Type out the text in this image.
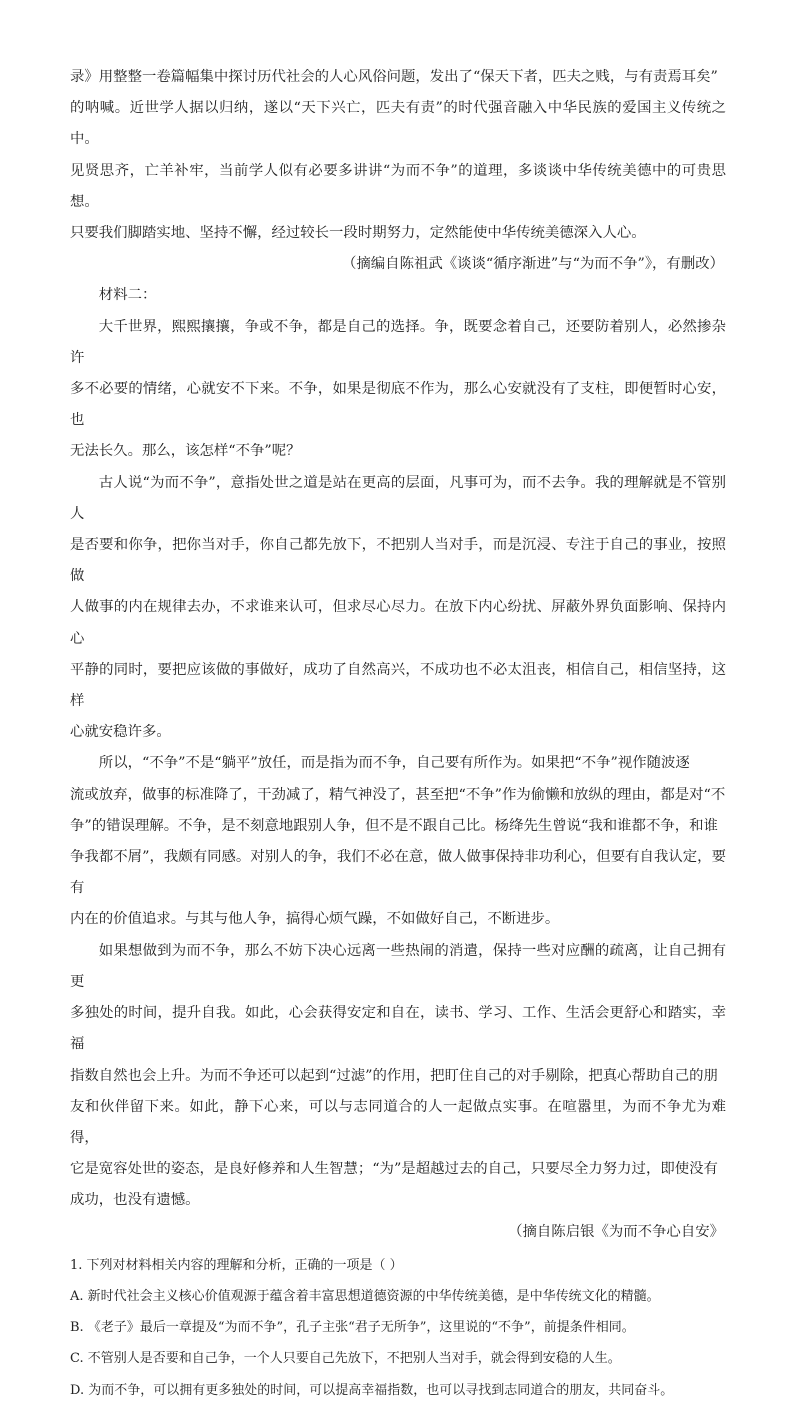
录》用整整一卷篇幅集中探讨历代社会的人心风俗问题，发出了“保天下者，匹夫之贱，与有责焉耳矣”

的呐喊。近世学人据以归纳，遂以“天下兴亡，匹夫有责”的时代强音融入中华民族的爱国主义传统之中。

见贤思齐，亡羊补牢，当前学人似有必要多讲讲“为而不争”的道理，多谈谈中华传统美德中的可贵思想。

只要我们脚踏实地、坚持不懈，经过较长一段时期努力，定然能使中华传统美德深入人心。

（摘编自陈祖武《谈谈“循序渐进”与“为而不争”》，有删改）

材料二：

大千世界，熙熙攘攘，争或不争，都是自己的选择。争，既要念着自己，还要防着别人，必然掺杂许

多不必要的情绪，心就安不下来。不争，如果是彻底不作为，那么心安就没有了支柱，即便暂时心安，也

无法长久。那么，该怎样“不争”呢？

古人说“为而不争”，意指处世之道是站在更高的层面，凡事可为，而不去争。我的理解就是不管别人

是否要和你争，把你当对手，你自己都先放下，不把别人当对手，而是沉浸、专注于自己的事业，按照做

人做事的内在规律去办，不求谁来认可，但求尽心尽力。在放下内心纷扰、屏蔽外界负面影响、保持内心

平静的同时，要把应该做的事做好，成功了自然高兴，不成功也不必太沮丧，相信自己，相信坚持，这样

心就安稳许多。

所以，“不争”不是“躺平”放任，而是指为而不争，自己要有所作为。如果把“不争”视作随波逐

流或放弃，做事的标准降了，干劲减了，精气神没了，甚至把“不争”作为偷懒和放纵的理由，都是对“不

争”的错误理解。不争，是不刻意地跟别人争，但不是不跟自己比。杨绛先生曾说“我和谁都不争，和谁

争我都不屑”，我颇有同感。对别人的争，我们不必在意，做人做事保持非功利心，但要有自我认定，要有

内在的价值追求。与其与他人争，搞得心烦气躁，不如做好自己，不断进步。

如果想做到为而不争，那么不妨下决心远离一些热闹的消遣，保持一些对应酬的疏离，让自己拥有更

多独处的时间，提升自我。如此，心会获得安定和自在，读书、学习、工作、生活会更舒心和踏实，幸福

指数自然也会上升。为而不争还可以起到“过滤”的作用，把盯住自己的对手剔除，把真心帮助自己的朋

友和伙伴留下来。如此，静下心来，可以与志同道合的人一起做点实事。在喧嚣里，为而不争尤为难得，

它是宽容处世的姿态，是良好修养和人生智慧；“为”是超越过去的自己，只要尽全力努力过，即使没有

成功，也没有遗憾。

（摘自陈启银《为而不争心自安》

1. 下列对材料相关内容的理解和分析，正确的一项是（ ）

A. 新时代社会主义核心价值观源于蕴含着丰富思想道德资源的中华传统美德，是中华传统文化的精髓。

B. 《老子》最后一章提及“为而不争”，孔子主张“君子无所争”，这里说的“不争”，前提条件相同。

C. 不管别人是否要和自己争，一个人只要自己先放下，不把别人当对手，就会得到安稳的人生。

D. 为而不争，可以拥有更多独处的时间，可以提高幸福指数，也可以寻找到志同道合的朋友，共同奋斗。
